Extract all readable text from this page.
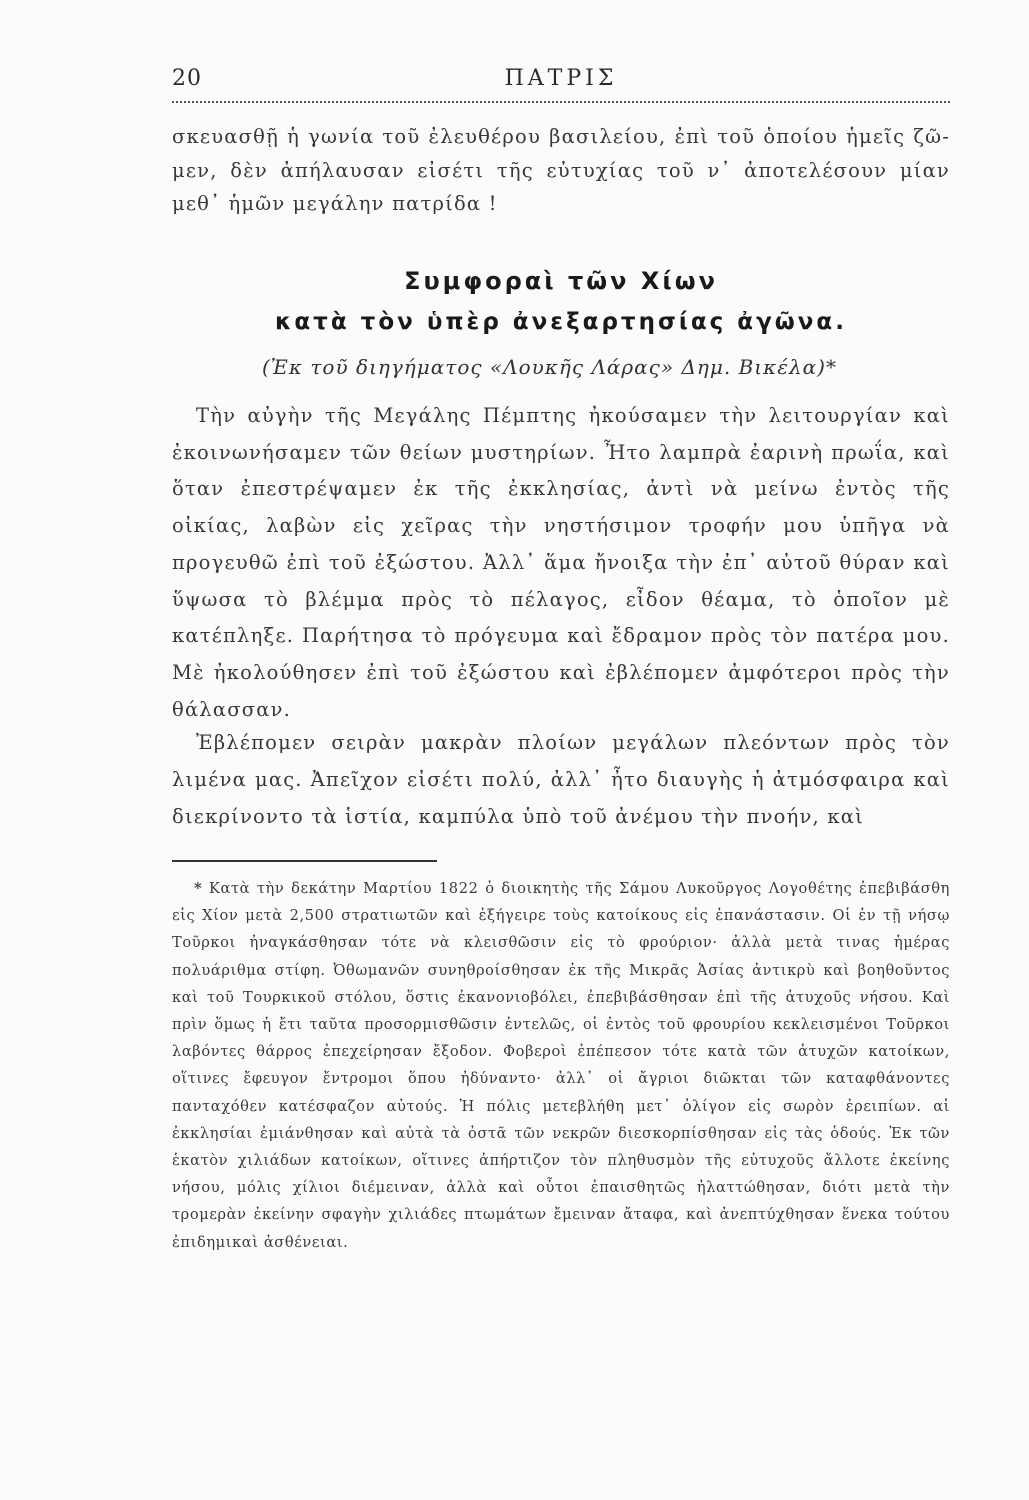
20	ΠΑΤΡΙΣ
σκευασθῇ ἡ γωνία τοῦ ἐλευθέρου βασιλείου, ἐπὶ τοῦ ὁποίου ἡμεῖς ζῶ-μεν, δὲν ἀπήλαυσαν εἰσέτι τῆς εὐτυχίας τοῦ ν᾽ ἀποτελέσουν μίαν μεθ᾽ ἡμῶν μεγάλην πατρίδα !
Συμφοραὶ τῶν Χίων
κατὰ τὸν ὑπὲρ ἀνεξαρτησίας ἀγῶνα.
(Ἐκ τοῦ διηγήματος «Λουκῆς Λάρας» Δημ. Βικέλα)*
Τὴν αὐγὴν τῆς Μεγάλης Πέμπτης ἠκούσαμεν τὴν λειτουργίαν καὶ ἐκοινωνήσαμεν τῶν θείων μυστηρίων. Ἦτο λαμπρὰ ἐαρινὴ πρωΐα, καὶ ὅταν ἐπεστρέψαμεν ἐκ τῆς ἐκκλησίας, ἀντὶ νὰ μείνω ἐντὸς τῆς οἰκίας, λαβὼν εἰς χεῖρας τὴν νηστήσιμον τροφήν μου ὑπῆγα νὰ προγευθῶ ἐπὶ τοῦ ἐξώστου. Ἀλλ᾽ ἅμα ἤνοιξα τὴν ἐπ᾽ αὐτοῦ θύραν καὶ ὕψωσα τὸ βλέμμα πρὸς τὸ πέλαγος, εἶδον θέαμα, τὸ ὁποῖον μὲ κατέπληξε. Παρήτησα τὸ πρόγευμα καὶ ἔδραμον πρὸς τὸν πατέρα μου. Μὲ ἠκολούθησεν ἐπὶ τοῦ ἐξώστου καὶ ἐβλέπομεν ἀμφότεροι πρὸς τὴν θάλασσαν.
Ἐβλέπομεν σειρὰν μακρὰν πλοίων μεγάλων πλεόντων πρὸς τὸν λιμένα μας. Ἀπεῖχον εἰσέτι πολύ, ἀλλ᾽ ἦτο διαυγὴς ἡ ἀτμόσφαιρα καὶ διεκρίνοντο τὰ ἱστία, καμπύλα ὑπὸ τοῦ ἀνέμου τὴν πνοήν, καὶ
* Κατὰ τὴν δεκάτην Μαρτίου 1822 ὁ διοικητὴς τῆς Σάμου Λυκοῦργος Λογοθέτης ἐπεβιβάσθη εἰς Χίον μετὰ 2,500 στρατιωτῶν καὶ ἐξήγειρε τοὺς κατοίκους εἰς ἐπανάστασιν. Οἱ ἐν τῇ νήσῳ Τοῦρκοι ἠναγκάσθησαν τότε νὰ κλεισθῶσιν εἰς τὸ φρούριον· ἀλλὰ μετὰ τινας ἡμέρας πολυάριθμα στίφη. Ὀθωμανῶν συνηθροίσθησαν ἐκ τῆς Μικρᾶς Ἀσίας ἀντικρὺ καὶ βοηθοῦντος καὶ τοῦ Τουρκικοῦ στόλου, ὅστις ἐκανονιοβόλει, ἐπεβιβάσθησαν ἐπὶ τῆς ἀτυχοῦς νήσου. Καὶ πρὶν ὅμως ἡ ἔτι ταῦτα προσορμισθῶσιν ἐντελῶς, οἱ ἐντὸς τοῦ φρουρίου κεκλεισμένοι Τοῦρκοι λαβόντες θάρρος ἐπεχείρησαν ἔξοδον. Φοβεροὶ ἐπέπεσον τότε κατὰ τῶν ἀτυχῶν κατοίκων, οἵτινες ἔφευγον ἔντρομοι ὅπου ἠδύναντο· ἀλλ᾽ οἱ ἄγριοι διῶκται τῶν καταφθάνοντες πανταχόθεν κατέσφαζον αὐτούς. Ἡ πόλις μετεβλήθη μετ᾽ ὀλίγον εἰς σωρὸν ἐρειπίων. αἱ ἐκκλησίαι ἐμιάνθησαν καὶ αὐτὰ τὰ ὀστᾶ τῶν νεκρῶν διεσκορπίσθησαν εἰς τὰς ὁδούς. Ἐκ τῶν ἑκατὸν χιλιάδων κατοίκων, οἵτινες ἀπήρτιζον τὸν πληθυσμὸν τῆς εὐτυχοῦς ἄλλοτε ἐκείνης νήσου, μόλις χίλιοι διέμειναν, ἀλλὰ καὶ οὗτοι ἐπαισθητῶς ἠλαττώθησαν, διότι μετὰ τὴν τρομερὰν ἐκείνην σφαγὴν χιλιάδες πτωμάτων ἔμειναν ἄταφα, καὶ ἀνεπτύχθησαν ἕνεκα τούτου ἐπιδημικαὶ ἀσθένειαι.
